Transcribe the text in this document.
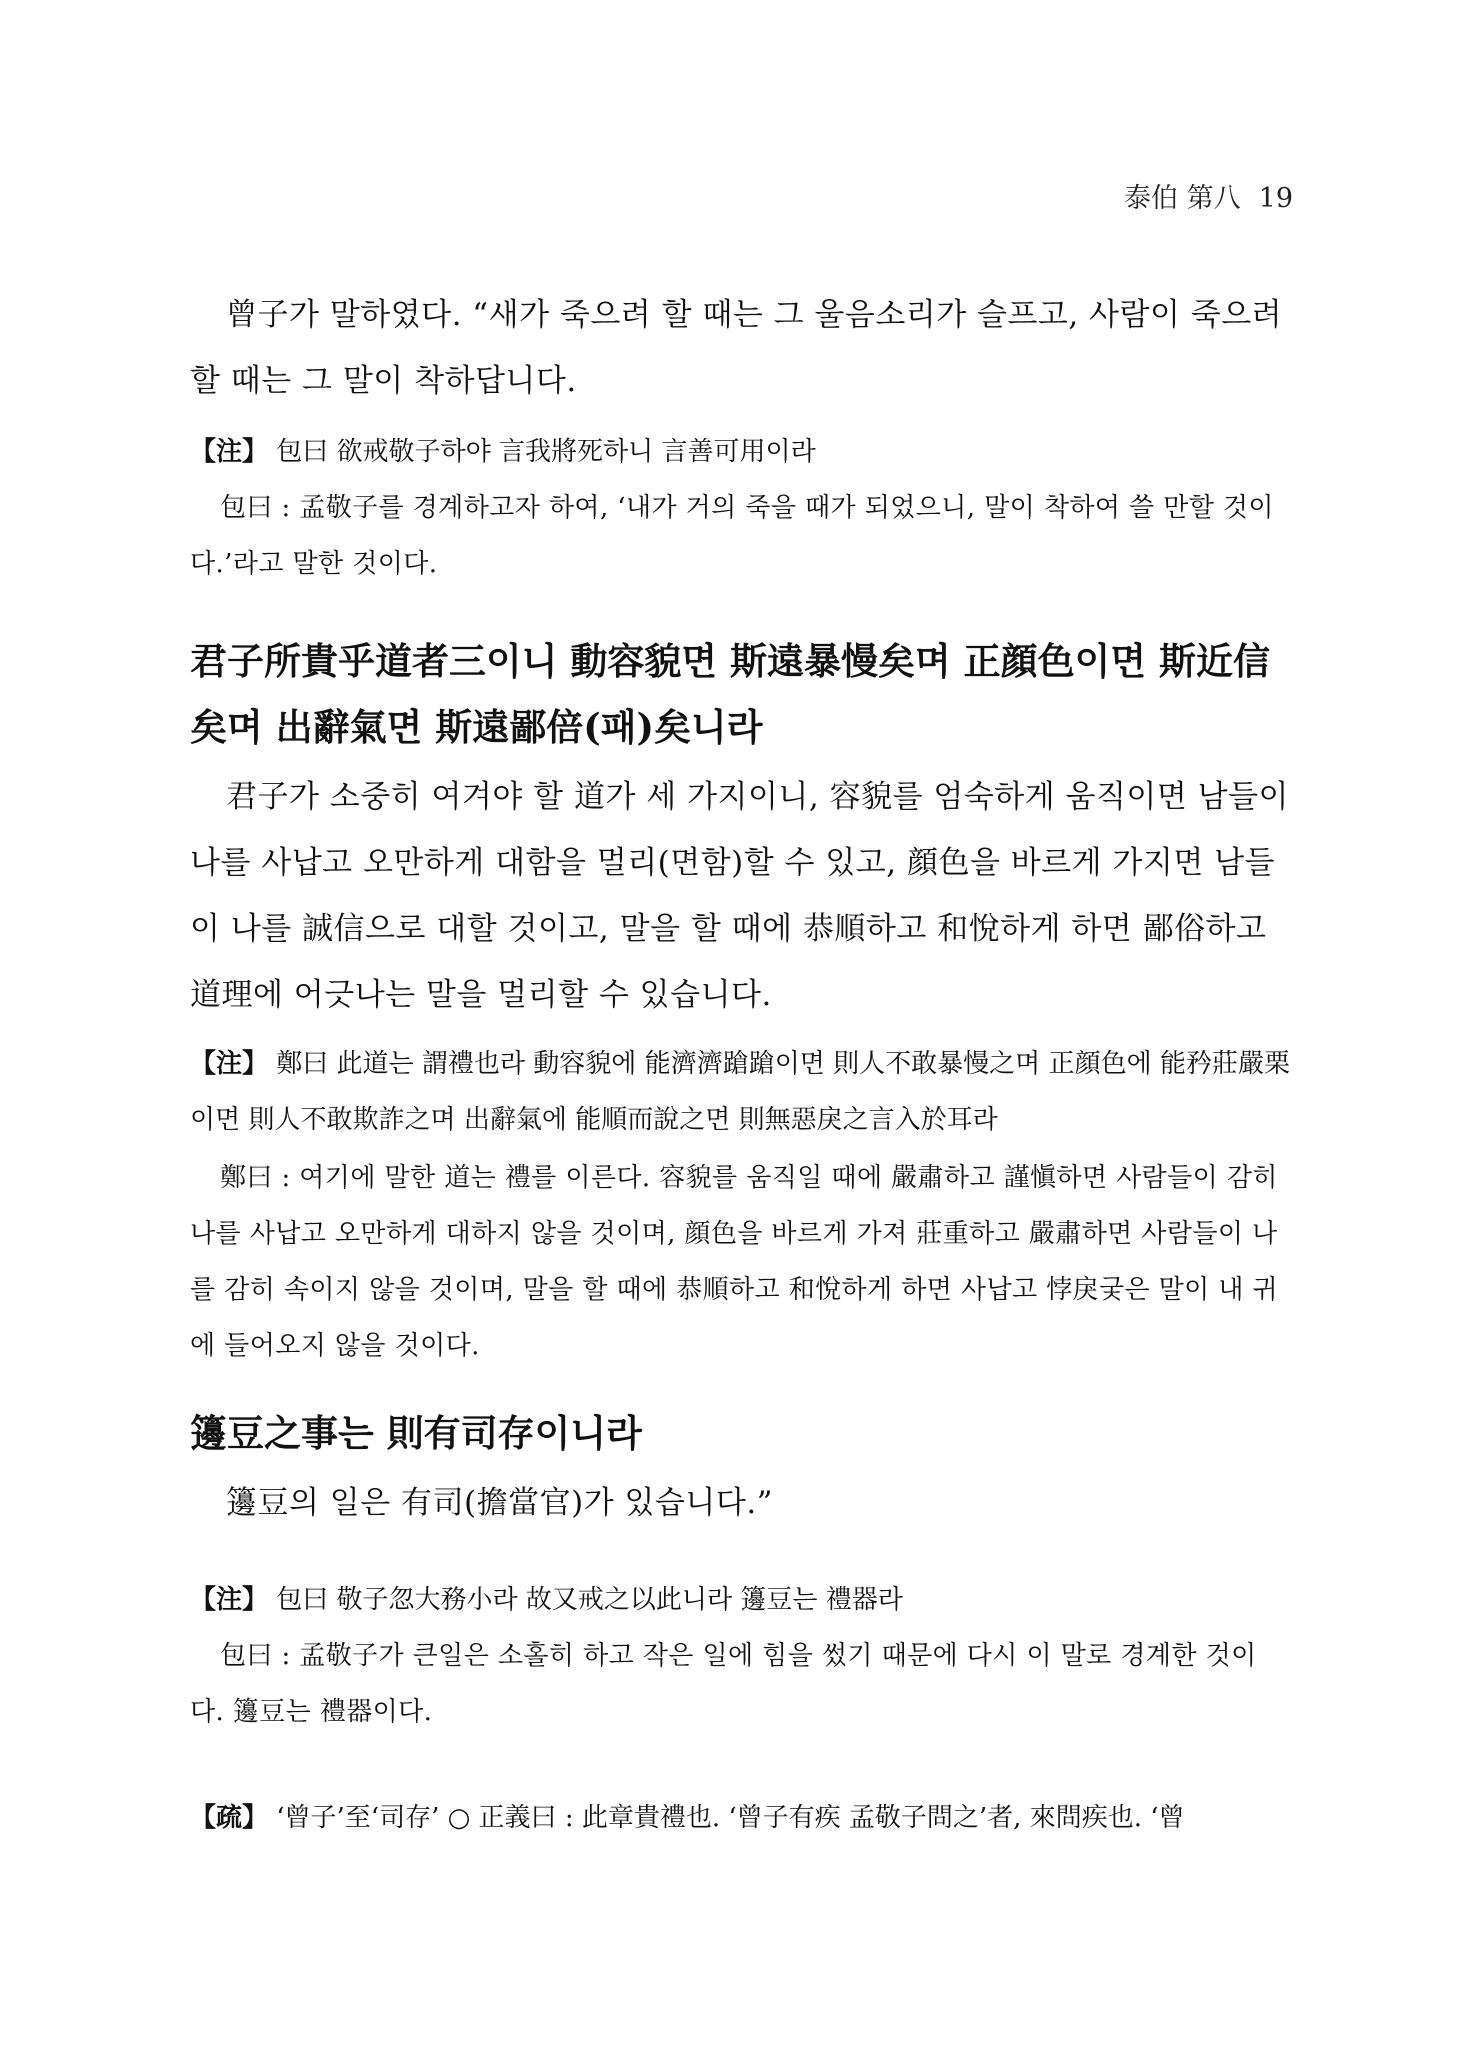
泰伯 第八 19
曾子가 말하였다. “새가 죽으려 할 때는 그 울음소리가 슬프고, 사람이 죽으려 할 때는 그 말이 착하답니다.
【注】 包曰 欲戒敬子하야 言我將死하니 言善可用이라
包曰 : 孟敬子를 경계하고자 하여, ‘내가 거의 죽을 때가 되었으니, 말이 착하여 쓸 만할 것이다.’라고 말한 것이다.
君子所貴乎道者三이니 動容貌면 斯遠暴慢矣며 正顔色이면 斯近信矣며 出辭氣면 斯遠鄙倍(패)矣니라
君子가 소중히 여겨야 할 道가 세 가지이니, 容貌를 엄숙하게 움직이면 남들이 나를 사납고 오만하게 대함을 멀리(면함)할 수 있고, 顔色을 바르게 가지면 남들이 나를 誠信으로 대할 것이고, 말을 할 때에 恭順하고 和悅하게 하면 鄙俗하고 道理에 어긋나는 말을 멀리할 수 있습니다.
【注】 鄭曰 此道는 謂禮也라 動容貌에 能濟濟蹌蹌이면 則人不敢暴慢之며 正顔色에 能矜莊嚴栗이면 則人不敢欺詐之며 出辭氣에 能順而說之면 則無惡戾之言入於耳라
鄭曰 : 여기에 말한 道는 禮를 이른다. 容貌를 움직일 때에 嚴肅하고 謹愼하면 사람들이 감히 나를 사납고 오만하게 대하지 않을 것이며, 顔色을 바르게 가져 莊重하고 嚴肅하면 사람들이 나를 감히 속이지 않을 것이며, 말을 할 때에 恭順하고 和悅하게 하면 사납고 悖戾궂은 말이 내 귀에 들어오지 않을 것이다.
籩豆之事는 則有司存이니라
籩豆의 일은 有司(擔當官)가 있습니다.”
【注】 包曰 敬子忽大務小라 故又戒之以此니라 籩豆는 禮器라
包曰 : 孟敬子가 큰일은 소홀히 하고 작은 일에 힘을 썼기 때문에 다시 이 말로 경계한 것이다. 籩豆는 禮器이다.
【疏】 ‘曾子’至‘司存’ ○ 正義曰 : 此章貴禮也. ‘曾子有疾 孟敬子問之’者, 來問疾也. ‘曾
